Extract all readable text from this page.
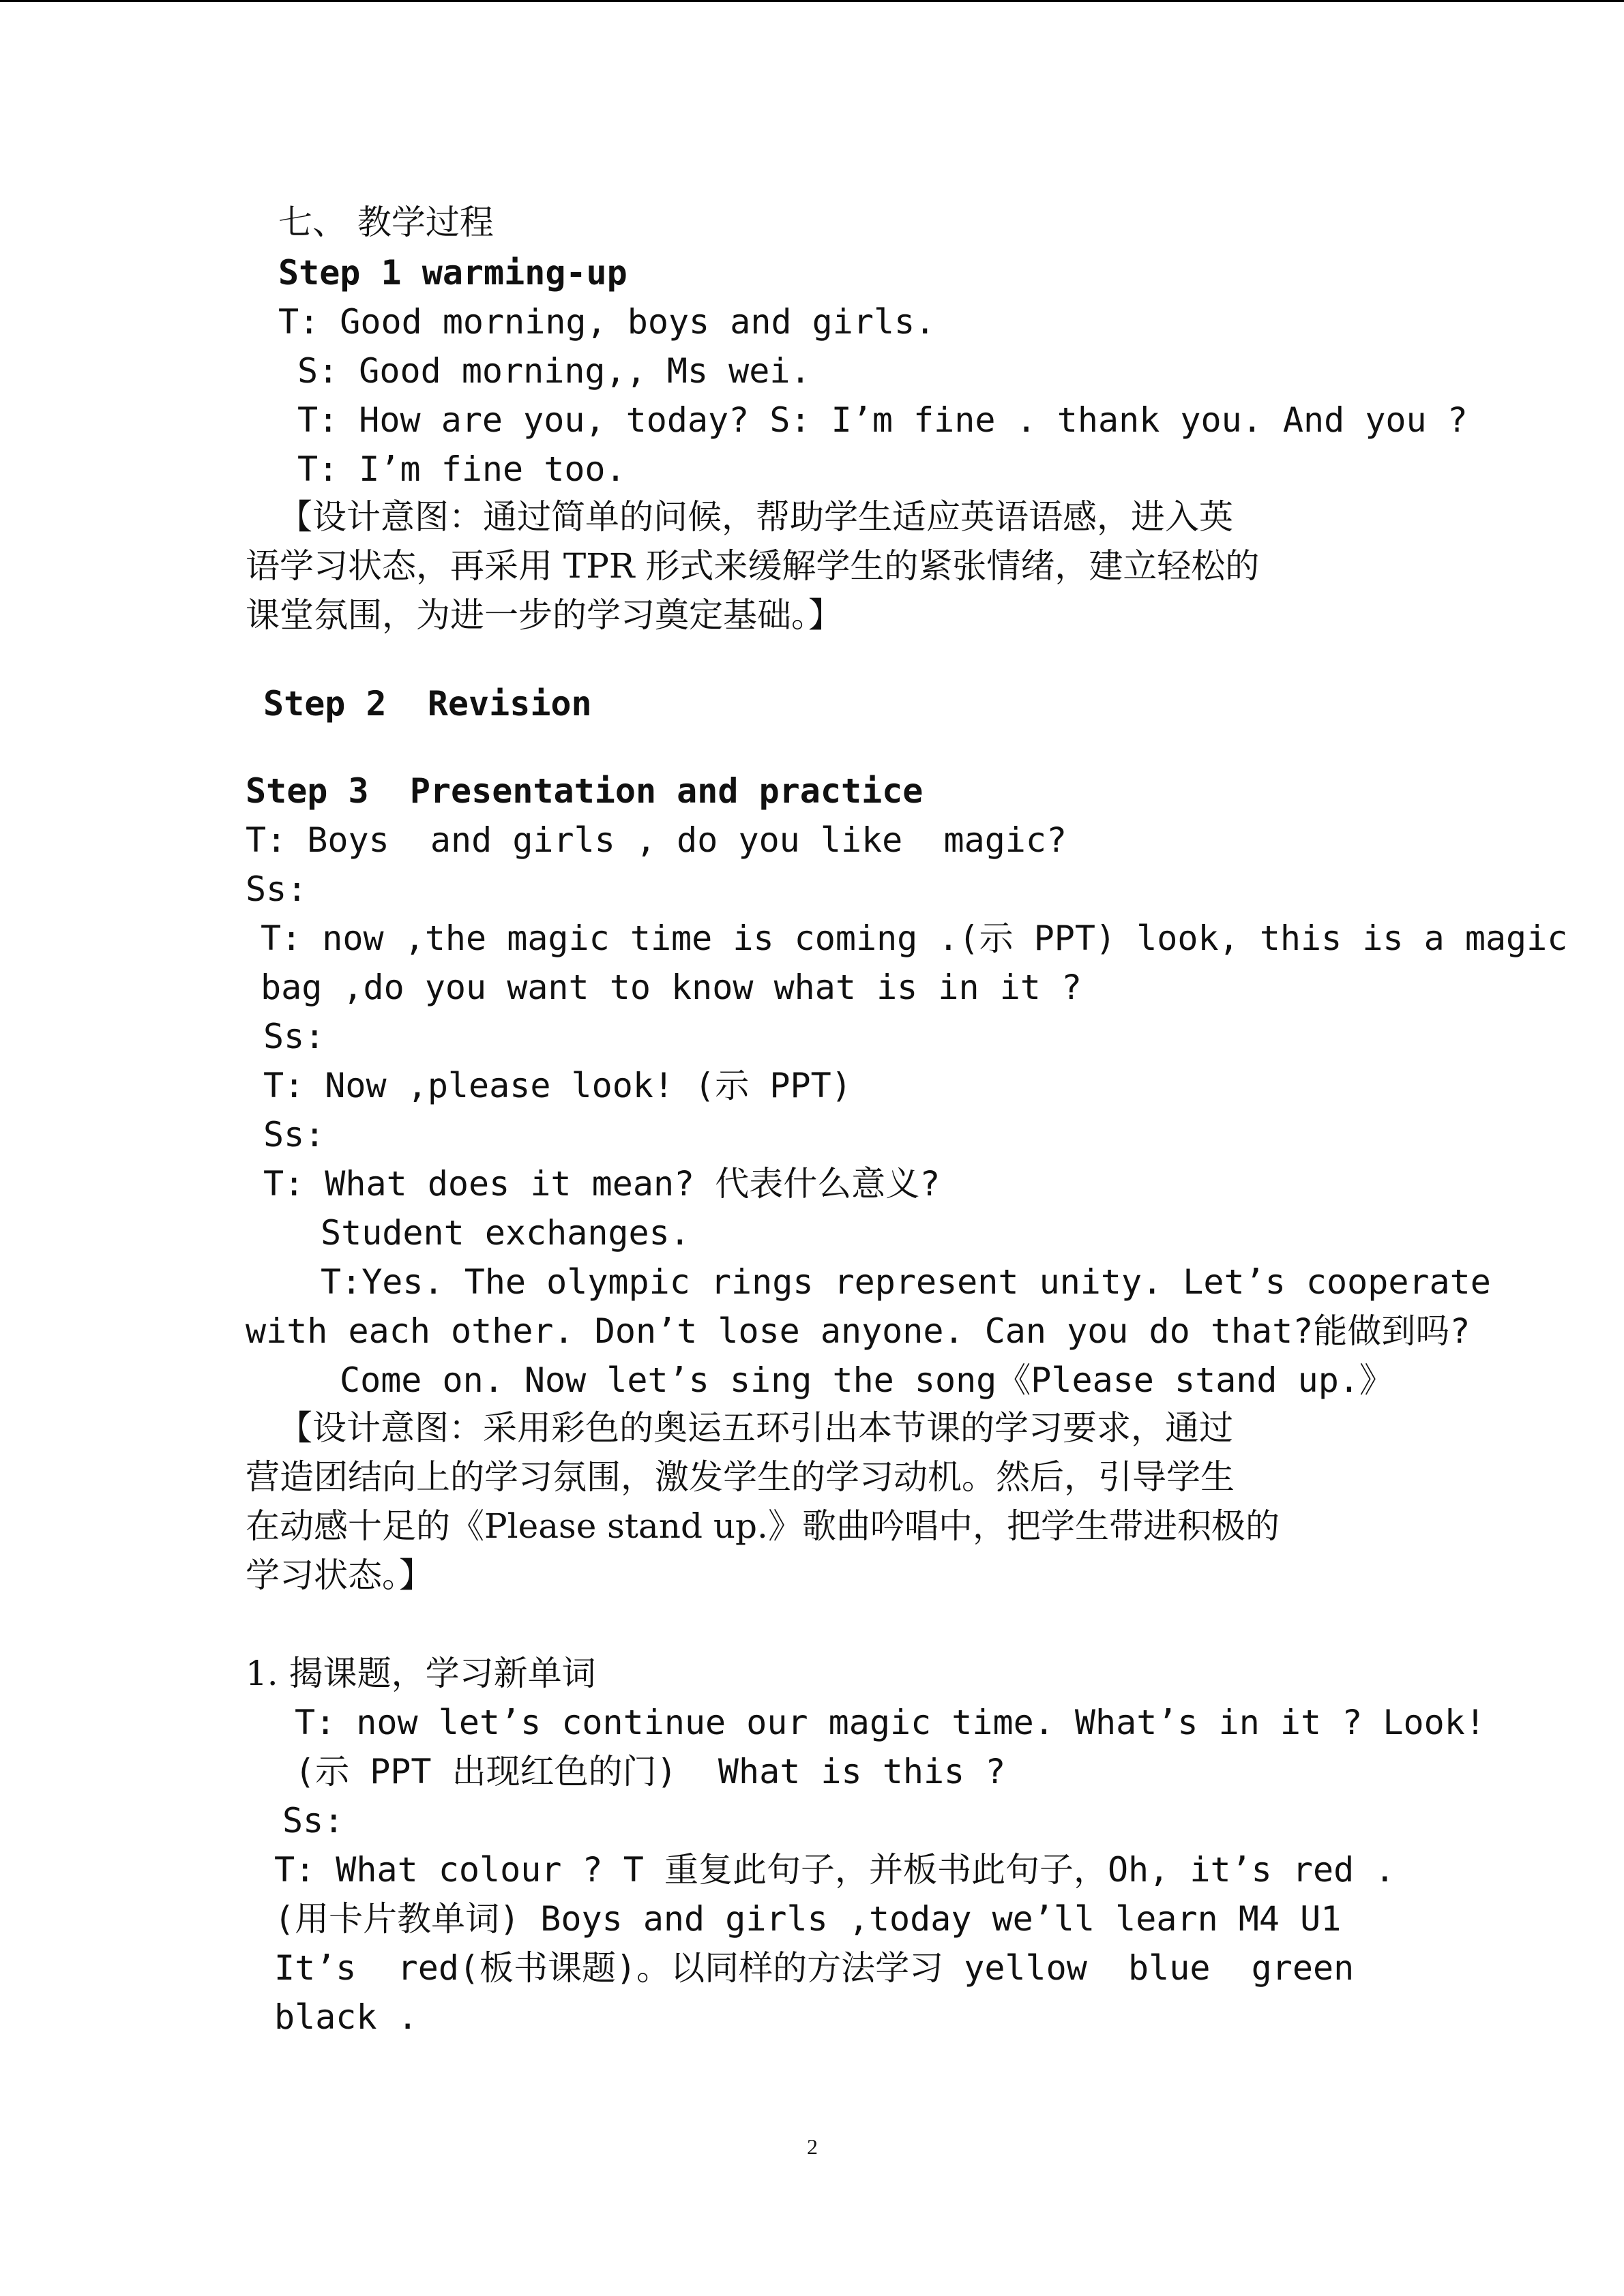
七、 教学过程
Step 1 warming-up
T: Good morning, boys and girls.
S: Good morning,, Ms wei.
T: How are you, today? S: I’m fine . thank you. And you ?
T: I’m fine too.
【设计意图：通过简单的问候，帮助学生适应英语语感，进入英
语学习状态，再采用 TPR 形式来缓解学生的紧张情绪，建立轻松的
课堂氛围，为进一步的学习奠定基础。】
Step 2  Revision
Step 3  Presentation and practice
T: Boys  and girls , do you like  magic?
Ss:
T: now ,the magic time is coming .(示 PPT) look, this is a magic
bag ,do you want to know what is in it ?
Ss:
T: Now ,please look! (示 PPT)
Ss:
T: What does it mean? 代表什么意义?
Student exchanges.
T:Yes. The olympic rings represent unity. Let’s cooperate
with each other. Don’t lose anyone. Can you do that?能做到吗?
Come on. Now let’s sing the song《Please stand up.》
【设计意图：采用彩色的奥运五环引出本节课的学习要求，通过
营造团结向上的学习氛围，激发学生的学习动机。然后，引导学生
在动感十足的《Please stand up.》歌曲吟唱中，把学生带进积极的
学习状态。】
1. 揭课题，学习新单词
T: now let’s continue our magic time. What’s in it ? Look!
(示 PPT 出现红色的门)  What is this ?
Ss:
T: What colour ? T 重复此句子，并板书此句子，Oh, it’s red .
(用卡片教单词) Boys and girls ,today we’ll learn M4 U1
It’s  red(板书课题)。以同样的方法学习 yellow  blue  green
black .
2
